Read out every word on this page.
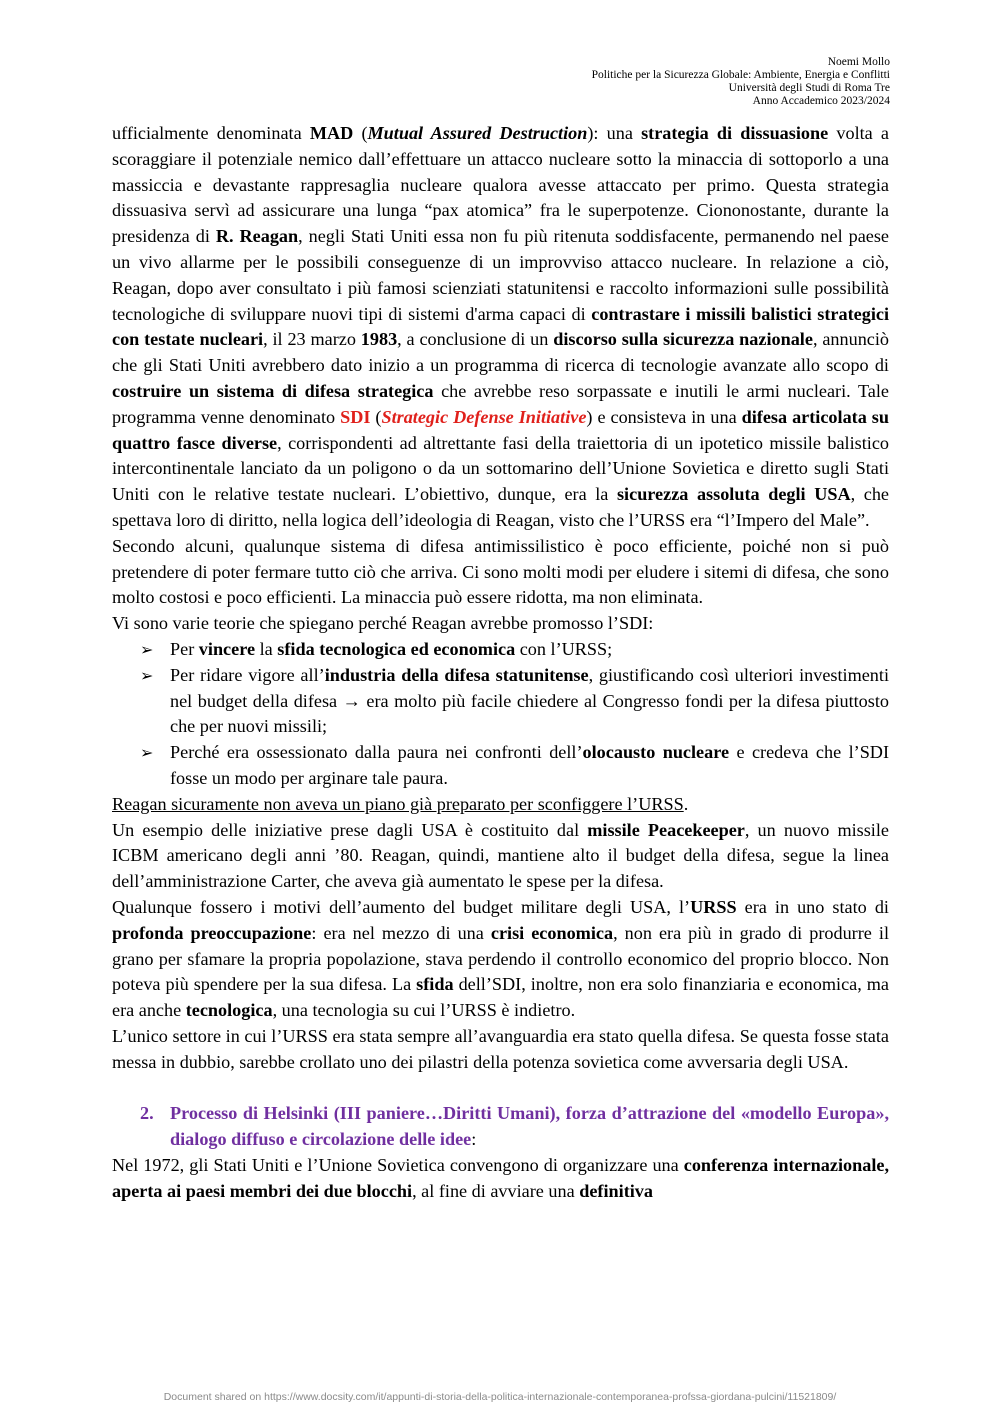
Noemi Mollo
Politiche per la Sicurezza Globale: Ambiente, Energia e Conflitti
Università degli Studi di Roma Tre
Anno Accademico 2023/2024

ufficialmente denominata MAD (Mutual Assured Destruction): una strategia di dissuasione volta a scoraggiare il potenziale nemico dall’effettuare un attacco nucleare sotto la minaccia di sottoporlo a una massiccia e devastante rappresaglia nucleare qualora avesse attaccato per primo. Questa strategia dissuasiva servì ad assicurare una lunga “pax atomica” fra le superpotenze. Ciononostante, durante la presidenza di R. Reagan, negli Stati Uniti essa non fu più ritenuta soddisfacente, permanendo nel paese un vivo allarme per le possibili conseguenze di un improvviso attacco nucleare. In relazione a ciò, Reagan, dopo aver consultato i più famosi scienziati statunitensi e raccolto informazioni sulle possibilità tecnologiche di sviluppare nuovi tipi di sistemi d'arma capaci di contrastare i missili balistici strategici con testate nucleari, il 23 marzo 1983, a conclusione di un discorso sulla sicurezza nazionale, annunciò che gli Stati Uniti avrebbero dato inizio a un programma di ricerca di tecnologie avanzate allo scopo di costruire un sistema di difesa strategica che avrebbe reso sorpassate e inutili le armi nucleari. Tale programma venne denominato SDI (Strategic Defense Initiative) e consisteva in una difesa articolata su quattro fasce diverse, corrispondenti ad altrettante fasi della traiettoria di un ipotetico missile balistico intercontinentale lanciato da un poligono o da un sottomarino dell’Unione Sovietica e diretto sugli Stati Uniti con le relative testate nucleari. L’obiettivo, dunque, era la sicurezza assoluta degli USA, che spettava loro di diritto, nella logica dell’ideologia di Reagan, visto che l’URSS era “l’Impero del Male”.

Secondo alcuni, qualunque sistema di difesa antimissilistico è poco efficiente, poiché non si può pretendere di poter fermare tutto ciò che arriva. Ci sono molti modi per eludere i sitemi di difesa, che sono molto costosi e poco efficienti. La minaccia può essere ridotta, ma non eliminata.

Vi sono varie teorie che spiegano perché Reagan avrebbe promosso l’SDI:

➢ Per vincere la sfida tecnologica ed economica con l’URSS;
➢ Per ridare vigore all’industria della difesa statunitense, giustificando così ulteriori investimenti nel budget della difesa → era molto più facile chiedere al Congresso fondi per la difesa piuttosto che per nuovi missili;
➢ Perché era ossessionato dalla paura nei confronti dell’olocausto nucleare e credeva che l’SDI fosse un modo per arginare tale paura.

Reagan sicuramente non aveva un piano già preparato per sconfiggere l’URSS.

Un esempio delle iniziative prese dagli USA è costituito dal missile Peacekeeper, un nuovo missile ICBM americano degli anni ’80. Reagan, quindi, mantiene alto il budget della difesa, segue la linea dell’amministrazione Carter, che aveva già aumentato le spese per la difesa.

Qualunque fossero i motivi dell’aumento del budget militare degli USA, l’URSS era in uno stato di profonda preoccupazione: era nel mezzo di una crisi economica, non era più in grado di produrre il grano per sfamare la propria popolazione, stava perdendo il controllo economico del proprio blocco. Non poteva più spendere per la sua difesa. La sfida dell’SDI, inoltre, non era solo finanziaria e economica, ma era anche tecnologica, una tecnologia su cui l’URSS è indietro.

L’unico settore in cui l’URSS era stata sempre all’avanguardia era stato quella difesa. Se questa fosse stata messa in dubbio, sarebbe crollato uno dei pilastri della potenza sovietica come avversaria degli USA.

2. Processo di Helsinki (III paniere…Diritti Umani), forza d’attrazione del «modello Europa», dialogo diffuso e circolazione delle idee:

Nel 1972, gli Stati Uniti e l’Unione Sovietica convengono di organizzare una conferenza internazionale, aperta ai paesi membri dei due blocchi, al fine di avviare una definitiva

Document shared on https://www.docsity.com/it/appunti-di-storia-della-politica-internazionale-contemporanea-profssa-giordana-pulcini/11521809/
